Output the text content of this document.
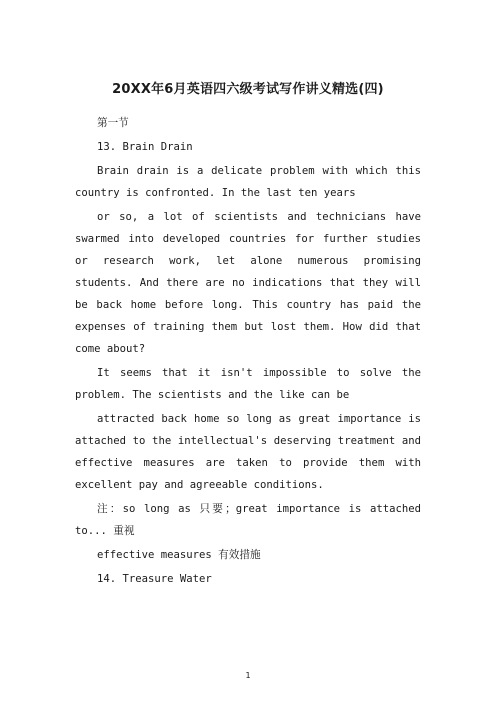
20XX年6月英语四六级考试写作讲义精选(四)

第一节

13. Brain Drain

Brain drain is a delicate problem with which this country is confronted. In the last ten years

or so, a lot of scientists and technicians have swarmed into developed countries for further studies or research work, let alone numerous promising students. And there are no indications that they will be back home before long. This country has paid the expenses of training them but lost them. How did that come about?

It seems that it isn't impossible to solve the problem. The scientists and the like can be

attracted back home so long as great importance is attached to the intellectual's deserving treatment and effective measures are taken to provide them with excellent pay and agreeable conditions.

注：so long as 只要；great importance is attached to... 重视

effective measures 有效措施

14. Treasure Water

1
